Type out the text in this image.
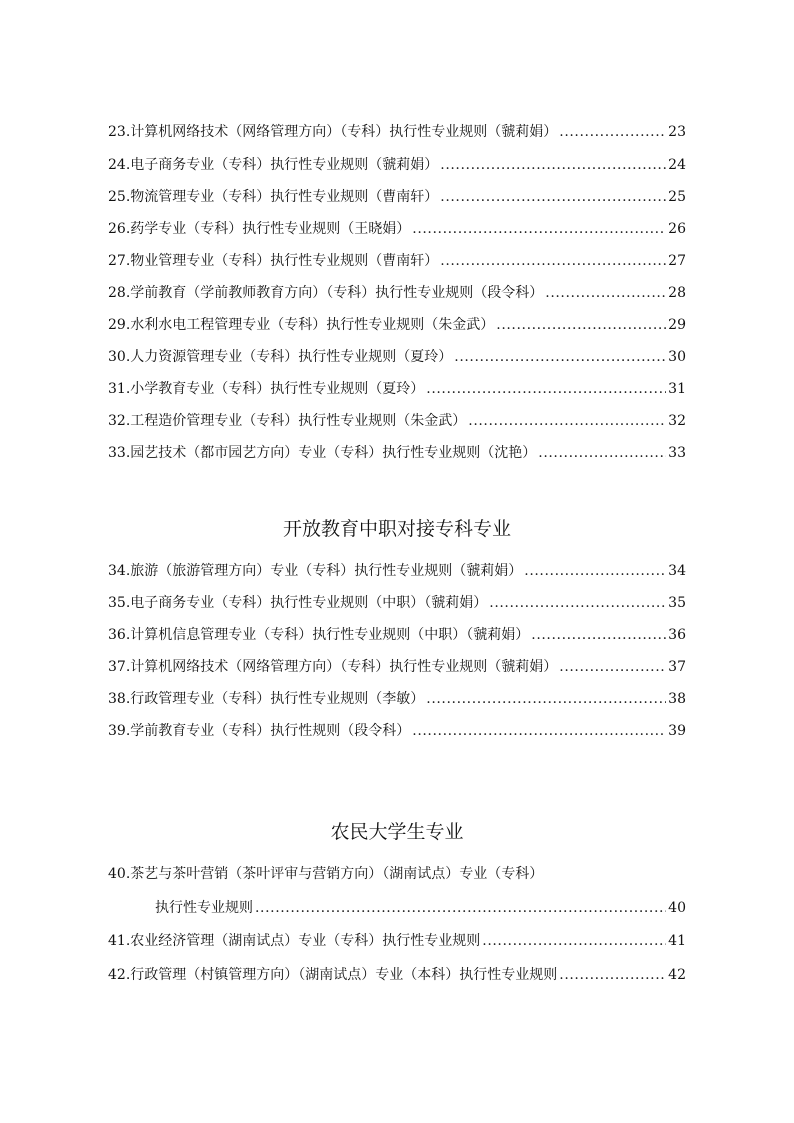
23.计算机网络技术（网络管理方向）（专科）执行性专业规则（虢莉娟） .....	23
24.电子商务专业（专科）执行性专业规则（虢莉娟） .....	24
25.物流管理专业（专科）执行性专业规则（曹南轩） .....	25
26.药学专业（专科）执行性专业规则（王晓娟） .....	26
27.物业管理专业（专科）执行性专业规则（曹南轩） .....	27
28.学前教育（学前教师教育方向）（专科）执行性专业规则（段令科） .....	28
29.水利水电工程管理专业（专科）执行性专业规则（朱金武） .....	29
30.人力资源管理专业（专科）执行性专业规则（夏玲） .....	30
31.小学教育专业（专科）执行性专业规则（夏玲） .....	31
32.工程造价管理专业（专科）执行性专业规则（朱金武） .....	32
33.园艺技术（都市园艺方向）专业（专科）执行性专业规则（沈艳） .....	33
开放教育中职对接专科专业
34.旅游（旅游管理方向）专业（专科）执行性专业规则（虢莉娟） .....	34
35.电子商务专业（专科）执行性专业规则（中职）（虢莉娟） .....	35
36.计算机信息管理专业（专科）执行性专业规则（中职）（虢莉娟） .....	36
37.计算机网络技术（网络管理方向）（专科）执行性专业规则（虢莉娟） .....	37
38.行政管理专业（专科）执行性专业规则（李敏） .....	38
39.学前教育专业（专科）执行性规则（段令科） .....	39
农民大学生专业
40.茶艺与茶叶营销（茶叶评审与营销方向）（湖南试点）专业（专科）
执行性专业规则 .....	40
41.农业经济管理（湖南试点）专业（专科）执行性专业规则 .....	41
42.行政管理（村镇管理方向）（湖南试点）专业（本科）执行性专业规则 .....	42
